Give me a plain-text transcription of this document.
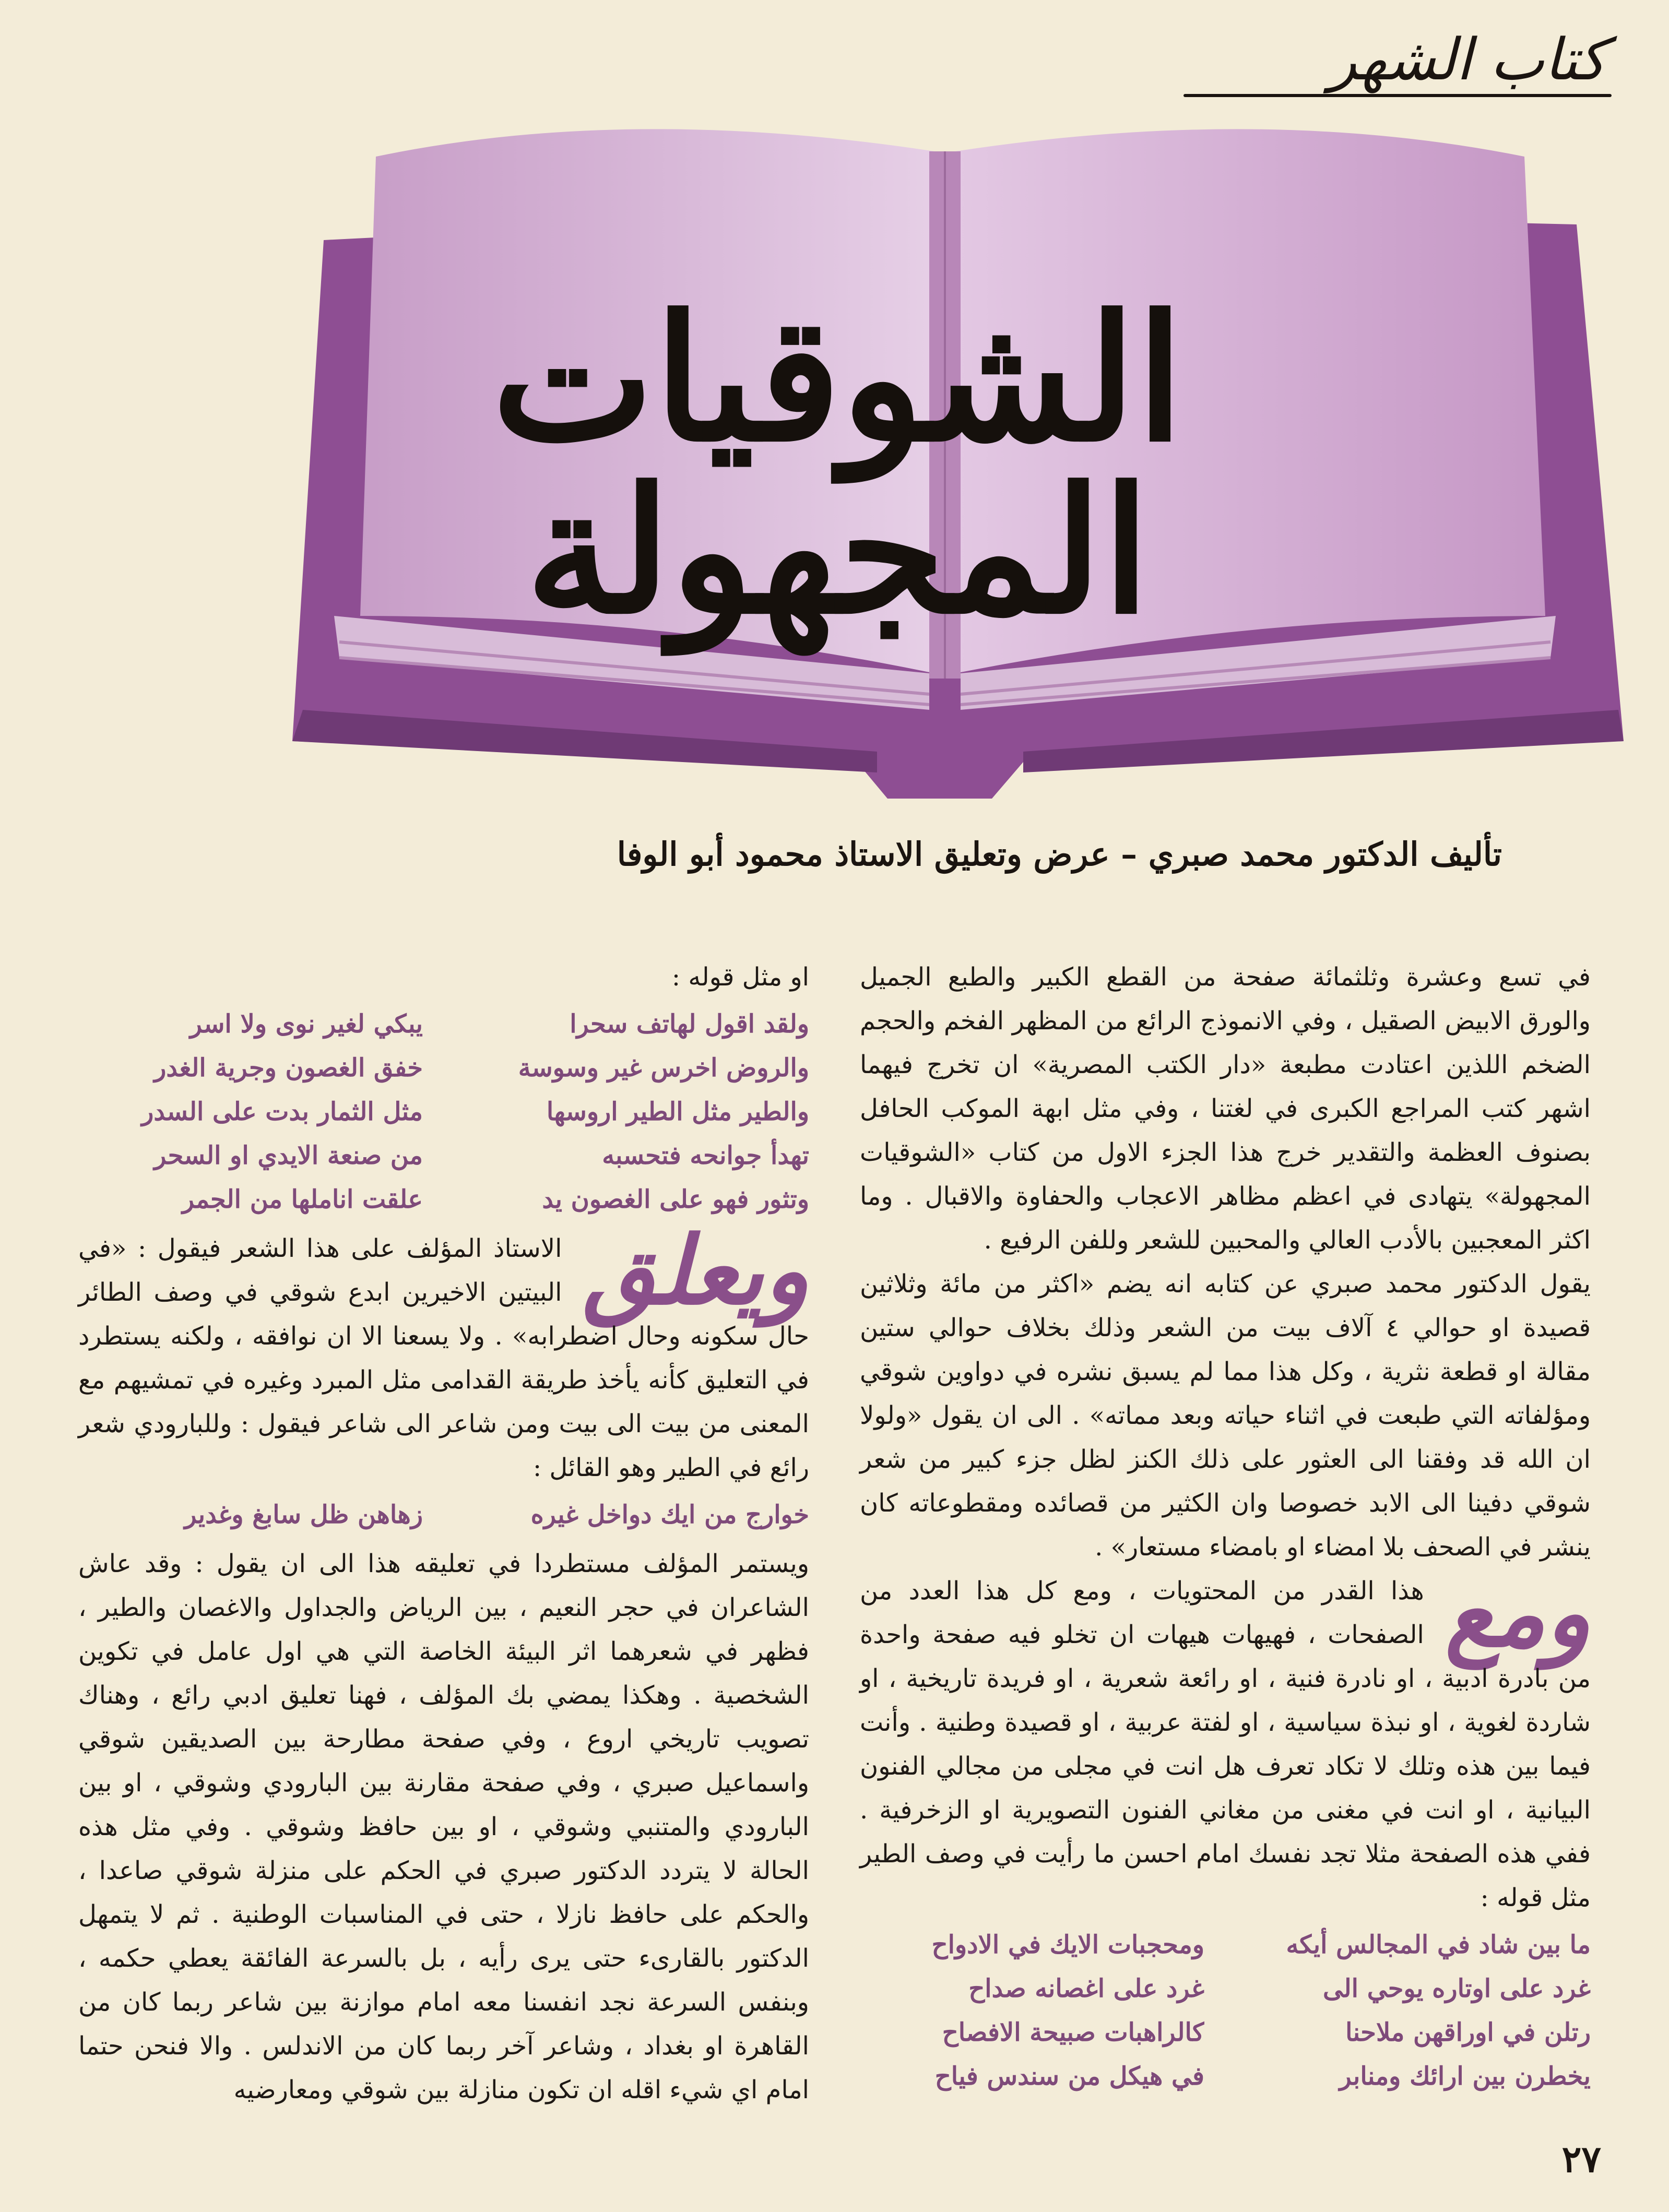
كتاب الشهر
الشوقيات المجهولة
تأليف الدكتور محمد صبري – عرض وتعليق الاستاذ محمود أبو الوفا

في تسع وعشرة وثلثمائة صفحة من القطع الكبير والطبع الجميل والورق الابيض الصقيل ، وفي الانموذج الرائع من المظهر الفخم والحجم الضخم اللذين اعتادت مطبعة «دار الكتب المصرية» ان تخرج فيهما اشهر كتب المراجع الكبرى في لغتنا ، وفي مثل ابهة الموكب الحافل بصنوف العظمة والتقدير خرج هذا الجزء الاول من كتاب «الشوقيات المجهولة» يتهادى في اعظم مظاهر الاعجاب والحفاوة والاقبال . وما اكثر المعجبين بالأدب العالي والمحبين للشعر وللفن الرفيع .

يقول الدكتور محمد صبري عن كتابه انه يضم «اكثر من مائة وثلاثين قصيدة او حوالي ٤ آلاف بيت من الشعر وذلك بخلاف حوالي ستين مقالة او قطعة نثرية ، وكل هذا مما لم يسبق نشره في دواوين شوقي ومؤلفاته التي طبعت في اثناء حياته وبعد مماته» . الى ان يقول «ولولا ان الله قد وفقنا الى العثور على ذلك الكنز لظل جزء كبير من شعر شوقي دفينا الى الابد خصوصا وان الكثير من قصائده ومقطوعاته كان ينشر في الصحف بلا امضاء او بامضاء مستعار» .

ومع
هذا القدر من المحتويات ، ومع كل هذا العدد من الصفحات ، فهيهات هيهات ان تخلو فيه صفحة واحدة من بادرة ادبية ، او نادرة فنية ، او رائعة شعرية ، او فريدة تاريخية ، او شاردة لغوية ، او نبذة سياسية ، او لفتة عربية ، او قصيدة وطنية . وأنت فيما بين هذه وتلك لا تكاد تعرف هل انت في مجلى من مجالي الفنون البيانية ، او انت في مغنى من مغاني الفنون التصويرية او الزخرفية . ففي هذه الصفحة مثلا تجد نفسك امام احسن ما رأيت في وصف الطير مثل قوله :

ما بين شاد في المجالس أيكه
ومحجبات الايك في الادواح
غرد على اوتاره يوحي الى
غرد على اغصانه صداح
رتلن في اوراقهن ملاحنا
كالراهبات صبيحة الافصاح
يخطرن بين ارائك ومنابر
في هيكل من سندس فياح

او مثل قوله :

ولقد اقول لهاتف سحرا
يبكي لغير نوى ولا اسر
والروض اخرس غير وسوسة
خفق الغصون وجرية الغدر
والطير مثل الطير اروسها
مثل الثمار بدت على السدر
تهدأ جوانحه فتحسبه
من صنعة الايدي او السحر
وتثور فهو على الغصون يد
علقت اناملها من الجمر

ويعلق
الاستاذ المؤلف على هذا الشعر فيقول : «في البيتين الاخيرين ابدع شوقي في وصف الطائر حال سكونه وحال اضطرابه» . ولا يسعنا الا ان نوافقه ، ولكنه يستطرد في التعليق كأنه يأخذ طريقة القدامى مثل المبرد وغيره في تمشيهم مع المعنى من بيت الى بيت ومن شاعر الى شاعر فيقول : وللبارودي شعر رائع في الطير وهو القائل :

خوارج من ايك دواخل غيره
زهاهن ظل سابغ وغدير

ويستمر المؤلف مستطردا في تعليقه هذا الى ان يقول : وقد عاش الشاعران في حجر النعيم ، بين الرياض والجداول والاغصان والطير ، فظهر في شعرهما اثر البيئة الخاصة التي هي اول عامل في تكوين الشخصية . وهكذا يمضي بك المؤلف ، فهنا تعليق ادبي رائع ، وهناك تصويب تاريخي اروع ، وفي صفحة مطارحة بين الصديقين شوقي واسماعيل صبري ، وفي صفحة مقارنة بين البارودي وشوقي ، او بين البارودي والمتنبي وشوقي ، او بين حافظ وشوقي . وفي مثل هذه الحالة لا يتردد الدكتور صبري في الحكم على منزلة شوقي صاعدا ، والحكم على حافظ نازلا ، حتى في المناسبات الوطنية . ثم لا يتمهل الدكتور بالقارىء حتى يرى رأيه ، بل بالسرعة الفائقة يعطي حكمه ، وبنفس السرعة نجد انفسنا معه امام موازنة بين شاعر ربما كان من القاهرة او بغداد ، وشاعر آخر ربما كان من الاندلس . والا فنحن حتما امام اي شيء اقله ان تكون منازلة بين شوقي ومعارضيه

٢٧
